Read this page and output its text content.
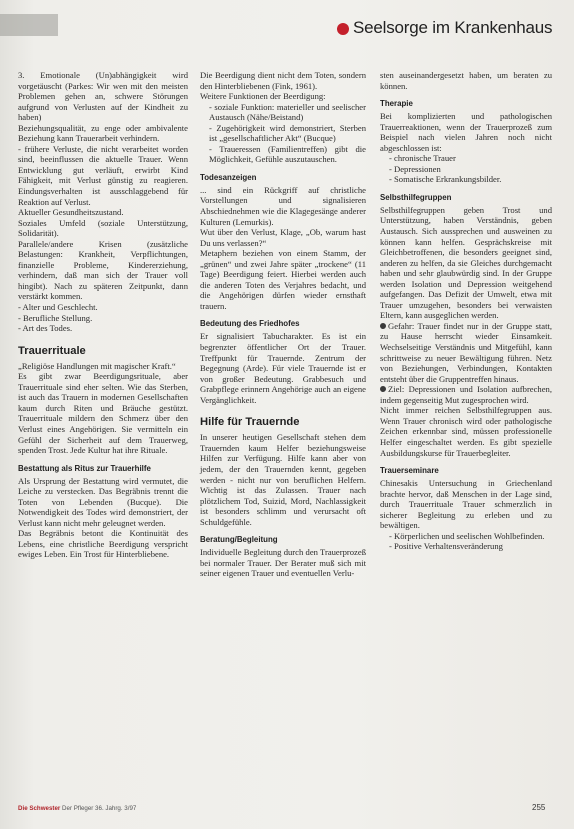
Seelsorge im Krankenhaus

3. Emotionale (Un)abhängigkeit wird vorgetäuscht (Parkes: Wir wen mit den meisten Problemen gehen an, schwere Störungen aufgrund von Verlusten auf der Kindheit zu haben)

Beziehungsqualität, zu enge oder ambivalente Beziehung kann Trauerarbeit verhindern.

- frühere Verluste, die nicht verarbeitet worden sind, beeinflussen die aktuelle Trauer. Wenn Entwicklung gut verläuft, erwirbt Kind Fähigkeit, mit Verlust günstig zu reagieren. Eindungsverhalten ist ausschlaggebend für Reaktion auf Verlust.

Aktueller Gesundheitszustand.

Soziales Umfeld (soziale Unterstützung, Solidarität).

Parallele/andere Krisen (zusätzliche Belastungen: Krankheit, Verpflichtungen, finanzielle Probleme, Kindererziehung, verhindern, daß man sich der Trauer voll hingibt). Nach zu späteren Zeitpunkt, dann verstärkt kommen.

- Alter und Geschlecht.

- Berufliche Stellung.

- Art des Todes.

Trauerrituale

„Religiöse Handlungen mit magischer Kraft.“

Es gibt zwar Beerdigungsrituale, aber Trauerrituale sind eher selten. Wie das Sterben, ist auch das Trauern in modernen Gesellschaften kaum durch Riten und Bräuche gestützt. Trauerrituale mildern den Schmerz über den Verlust eines Angehörigen. Sie vermitteln ein Gefühl der Sicherheit auf dem Trauerweg, spenden Trost. Jede Kultur hat ihre Rituale.

Bestattung als Ritus zur Trauerhilfe

Als Ursprung der Bestattung wird vermutet, die Leiche zu verstecken. Das Begräbnis trennt die Toten von Lebenden (Bucque). Die Notwendigkeit des Todes wird demonstriert, der Verlust kann nicht mehr geleugnet werden.

Das Begräbnis betont die Kontinuität des Lebens, eine christliche Beerdigung verspricht ewiges Leben. Ein Trost für Hinterbliebene.

Die Beerdigung dient nicht dem Toten, sondern den Hinterbliebenen (Fink, 1961).

Weitere Funktionen der Beerdigung:

- soziale Funktion: materieller und seelischer Austausch (Nähe/Beistand)

- Zugehörigkeit wird demonstriert, Sterben ist „gesellschaftlicher Akt“ (Bucque)

- Traueressen (Familientreffen) gibt die Möglichkeit, Gefühle auszutauschen.

Todesanzeigen

... sind ein Rückgriff auf christliche Vorstellungen und signalisieren Abschiednehmen wie die Klagegesänge anderer Kulturen (Lemurkis).

Wut über den Verlust, Klage, „Ob, warum hast Du uns verlassen?“

Metaphern beziehen von einem Stamm, der „grünen“ und zwei Jahre später „trockene“ (11 Tage) Beerdigung feiert. Hierbei werden auch die anderen Toten des Verjahres bedacht, und die Angehörigen dürfen wieder ernsthaft trauern.

Bedeutung des Friedhofes

Er signalisiert Tabucharakter. Es ist ein begrenzter öffentlicher Ort der Trauer. Treffpunkt für Trauernde. Zentrum der Begegnung (Arde). Für viele Trauernde ist er von großer Bedeutung. Grabbesuch und Grabpflege erinnern Angehörige auch an eigene Vergänglichkeit.

Hilfe für Trauernde

In unserer heutigen Gesellschaft stehen dem Trauernden kaum Helfer beziehungsweise Hilfen zur Verfügung. Hilfe kann aber von jedem, der den Trauernden kennt, gegeben werden - nicht nur von beruflichen Helfern. Wichtig ist das Zulassen. Trauer nach plötzlichem Tod, Suizid, Mord, Nachlassigkeit ist besonders schlimm und verursacht oft Schuldgefühle.

Beratung/Begleitung

Individuelle Begleitung durch den Trauerprozeß bei normaler Trauer. Der Berater muß sich mit seiner eigenen Trauer und eventuellen Verlu-

sten auseinandergesetzt haben, um beraten zu können.

Therapie

Bei komplizierten und pathologischen Trauerreaktionen, wenn der Trauerprozeß zum Beispiel nach vielen Jahren noch nicht abgeschlossen ist:

- chronische Trauer

- Depressionen

- Somatische Erkrankungsbilder.

Selbsthilfegruppen

Selbsthilfegruppen geben Trost und Unterstützung, haben Verständnis, geben Austausch. Sich aussprechen und ausweinen zu können kann helfen. Gesprächskreise mit Gleichbetroffenen, die besonders geeignet sind, anderen zu helfen, da sie Gleiches durchgemacht haben und sehr glaubwürdig sind. In der Gruppe werden Isolation und Depression weitgehend aufgefangen. Das Defizit der Umwelt, etwa mit Trauer umzugehen, besonders bei verwaisten Eltern, kann ausgeglichen werden.

Gefahr: Trauer findet nur in der Gruppe statt, zu Hause herrscht wieder Einsamkeit. Wechselseitige Verständnis und Mitgefühl, kann schrittweise zu neuer Bewältigung führen. Netz von Beziehungen, Verbindungen, Kontakten entsteht über die Gruppentreffen hinaus.

Ziel: Depressionen und Isolation aufbrechen, indem gegenseitig Mut zugesprochen wird.

Nicht immer reichen Selbsthilfegruppen aus. Wenn Trauer chronisch wird oder pathologische Zeichen erkennbar sind, müssen professionelle Helfer eingeschaltet werden. Es gibt spezielle Ausbildungskurse für Trauerbegleiter.

Trauerseminare

Chinesakis Untersuchung in Griechenland brachte hervor, daß Menschen in der Lage sind, durch Trauerrituale Trauer schmerzlich in sicherer Begleitung zu erleben und zu bewältigen.

- Körperlichen und seelischen Wohlbefinden.

- Positive Verhaltensveränderung

Die Schwester Der Pfleger 36. Jahrg. 3/97	255
